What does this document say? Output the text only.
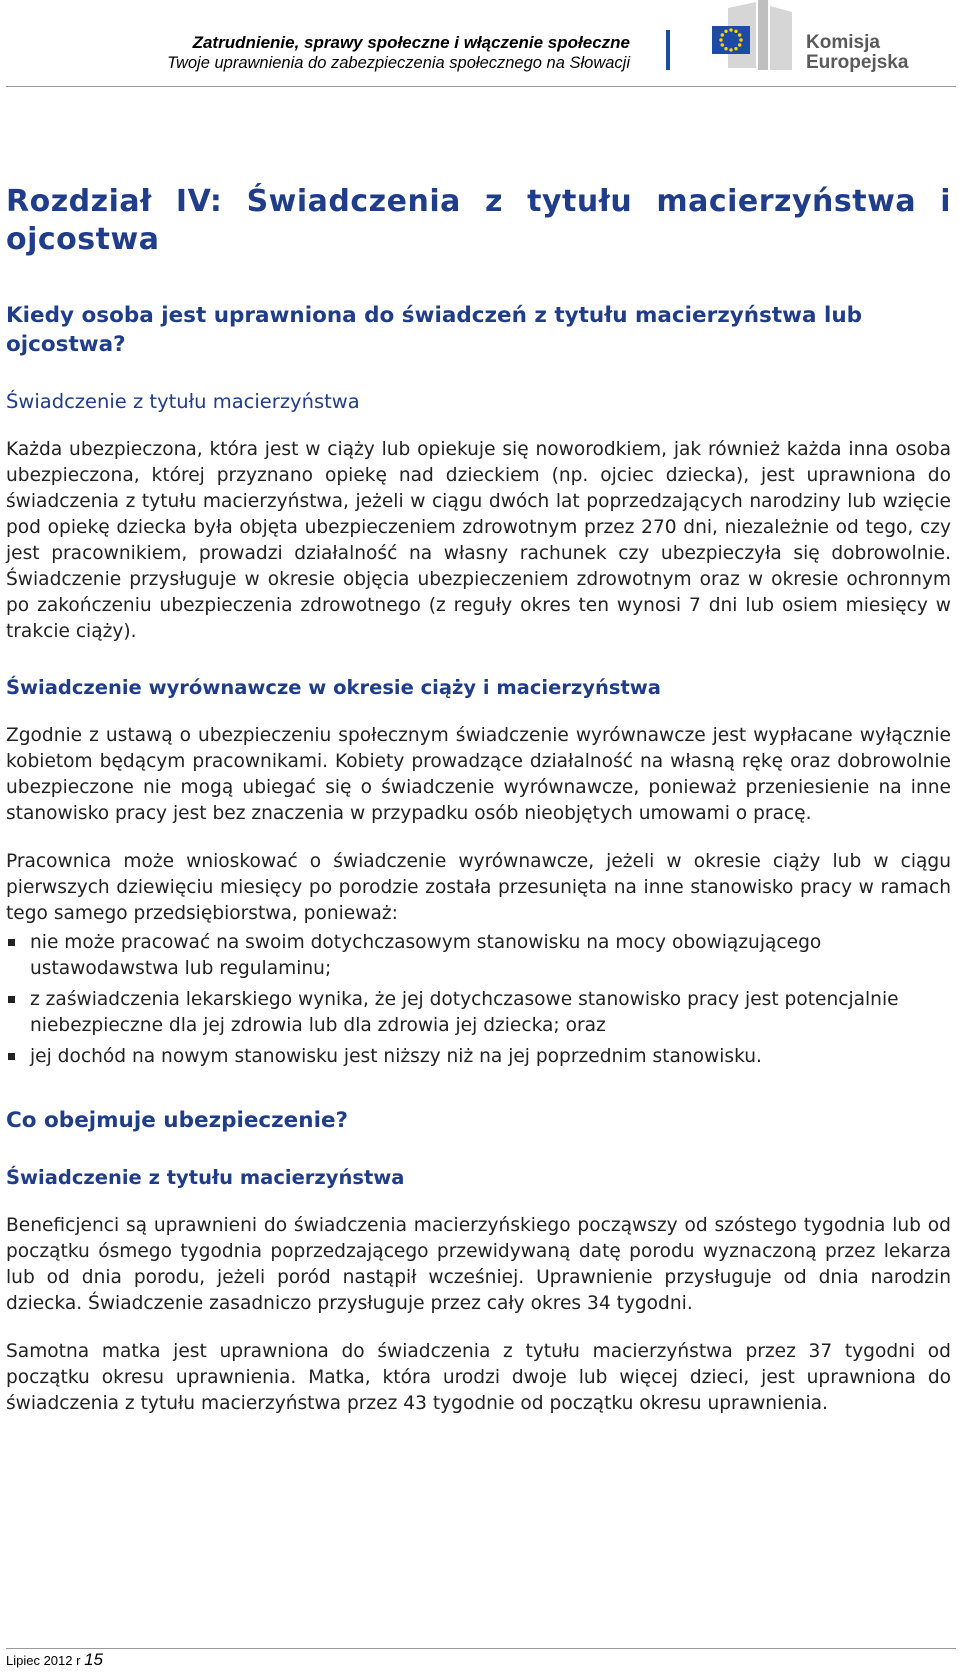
Zatrudnienie, sprawy społeczne i włączenie społeczne
Twoje uprawnienia do zabezpieczenia społecznego na Słowacji
Komisja
Europejska
Rozdział IV: Świadczenia z tytułu macierzyństwa i ojcostwa
Kiedy osoba jest uprawniona do świadczeń z tytułu macierzyństwa lub ojcostwa?
Świadczenie z tytułu macierzyństwa

Każda ubezpieczona, która jest w ciąży lub opiekuje się noworodkiem, jak również każda inna osoba ubezpieczona, której przyznano opiekę nad dzieckiem (np. ojciec dziecka), jest uprawniona do świadczenia z tytułu macierzyństwa, jeżeli w ciągu dwóch lat poprzedzających narodziny lub wzięcie pod opiekę dziecka była objęta ubezpieczeniem zdrowotnym przez 270 dni, niezależnie od tego, czy jest pracownikiem, prowadzi działalność na własny rachunek czy ubezpieczyła się dobrowolnie. Świadczenie przysługuje w okresie objęcia ubezpieczeniem zdrowotnym oraz w okresie ochronnym po zakończeniu ubezpieczenia zdrowotnego (z reguły okres ten wynosi 7 dni lub osiem miesięcy w trakcie ciąży).

Świadczenie wyrównawcze w okresie ciąży i macierzyństwa

Zgodnie z ustawą o ubezpieczeniu społecznym świadczenie wyrównawcze jest wypłacane wyłącznie kobietom będącym pracownikami. Kobiety prowadzące działalność na własną rękę oraz dobrowolnie ubezpieczone nie mogą ubiegać się o świadczenie wyrównawcze, ponieważ przeniesienie na inne stanowisko pracy jest bez znaczenia w przypadku osób nieobjętych umowami o pracę.

Pracownica może wnioskować o świadczenie wyrównawcze, jeżeli w okresie ciąży lub w ciągu pierwszych dziewięciu miesięcy po porodzie została przesunięta na inne stanowisko pracy w ramach tego samego przedsiębiorstwa, ponieważ:

nie może pracować na swoim dotychczasowym stanowisku na mocy obowiązującego ustawodawstwa lub regulaminu;
z zaświadczenia lekarskiego wynika, że jej dotychczasowe stanowisko pracy jest potencjalnie niebezpieczne dla jej zdrowia lub dla zdrowia jej dziecka; oraz
jej dochód na nowym stanowisku jest niższy niż na jej poprzednim stanowisku.
Co obejmuje ubezpieczenie?
Świadczenie z tytułu macierzyństwa

Beneficjenci są uprawnieni do świadczenia macierzyńskiego począwszy od szóstego tygodnia lub od początku ósmego tygodnia poprzedzającego przewidywaną datę porodu wyznaczoną przez lekarza lub od dnia porodu, jeżeli poród nastąpił wcześniej. Uprawnienie przysługuje od dnia narodzin dziecka. Świadczenie zasadniczo przysługuje przez cały okres 34 tygodni.

Samotna matka jest uprawniona do świadczenia z tytułu macierzyństwa przez 37 tygodni od początku okresu uprawnienia. Matka, która urodzi dwoje lub więcej dzieci, jest uprawniona do świadczenia z tytułu macierzyństwa przez 43 tygodnie od początku okresu uprawnienia.

Lipiec 2012 r 15
